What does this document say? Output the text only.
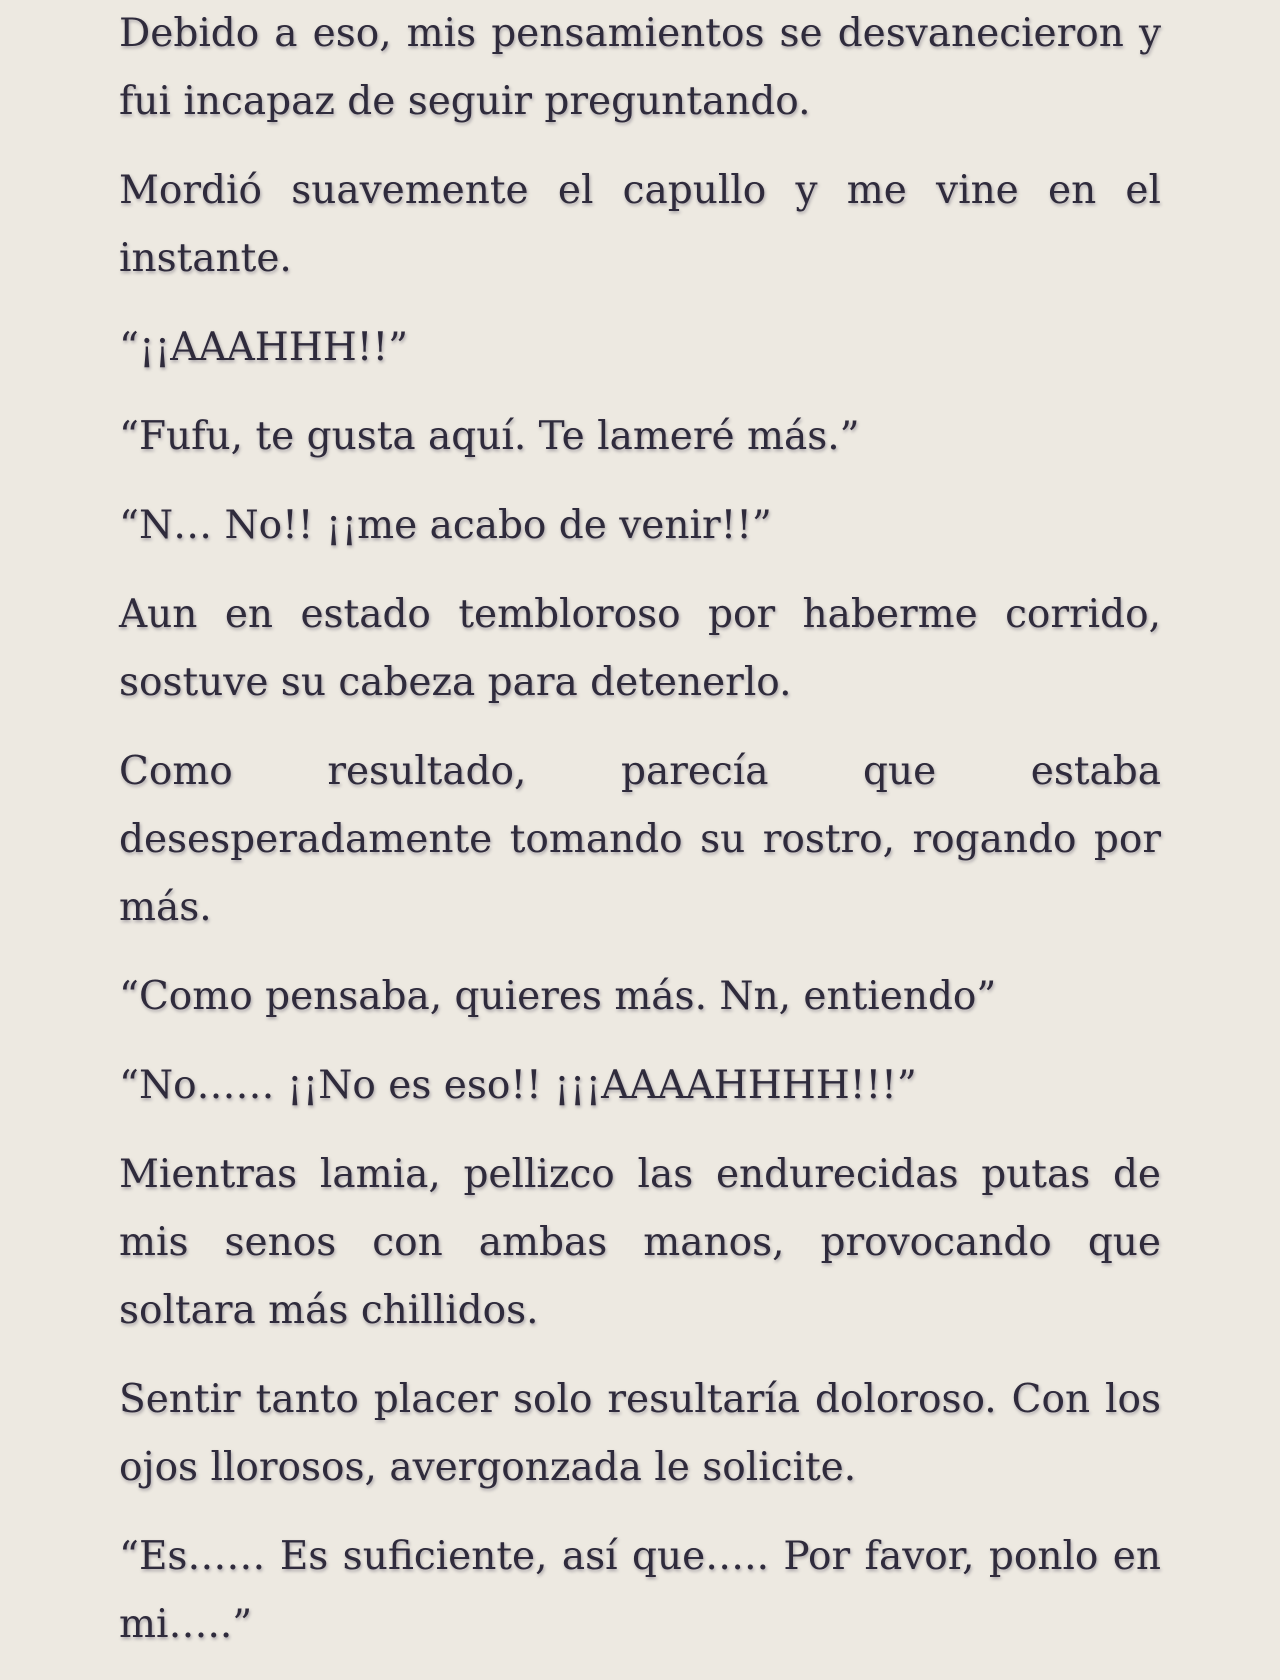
Debido a eso, mis pensamientos se desvanecieron y fui incapaz de seguir preguntando.

Mordió suavemente el capullo y me vine en el instante.

“¡¡AAAHHH!!”

“Fufu, te gusta aquí. Te lameré más.”

“N… No!! ¡¡me acabo de venir!!”

Aun en estado tembloroso por haberme corrido, sostuve su cabeza para detenerlo.

Como resultado, parecía que estaba desesperadamente tomando su rostro, rogando por más.

“Como pensaba, quieres más. Nn, entiendo”

“No…… ¡¡No es eso!! ¡¡¡AAAAHHHH!!!”

Mientras lamia, pellizco las endurecidas putas de mis senos con ambas manos, provocando que soltara más chillidos.

Sentir tanto placer solo resultaría doloroso. Con los ojos llorosos, avergonzada le solicite.

“Es…… Es suficiente, así que….. Por favor, ponlo en mi…..”
